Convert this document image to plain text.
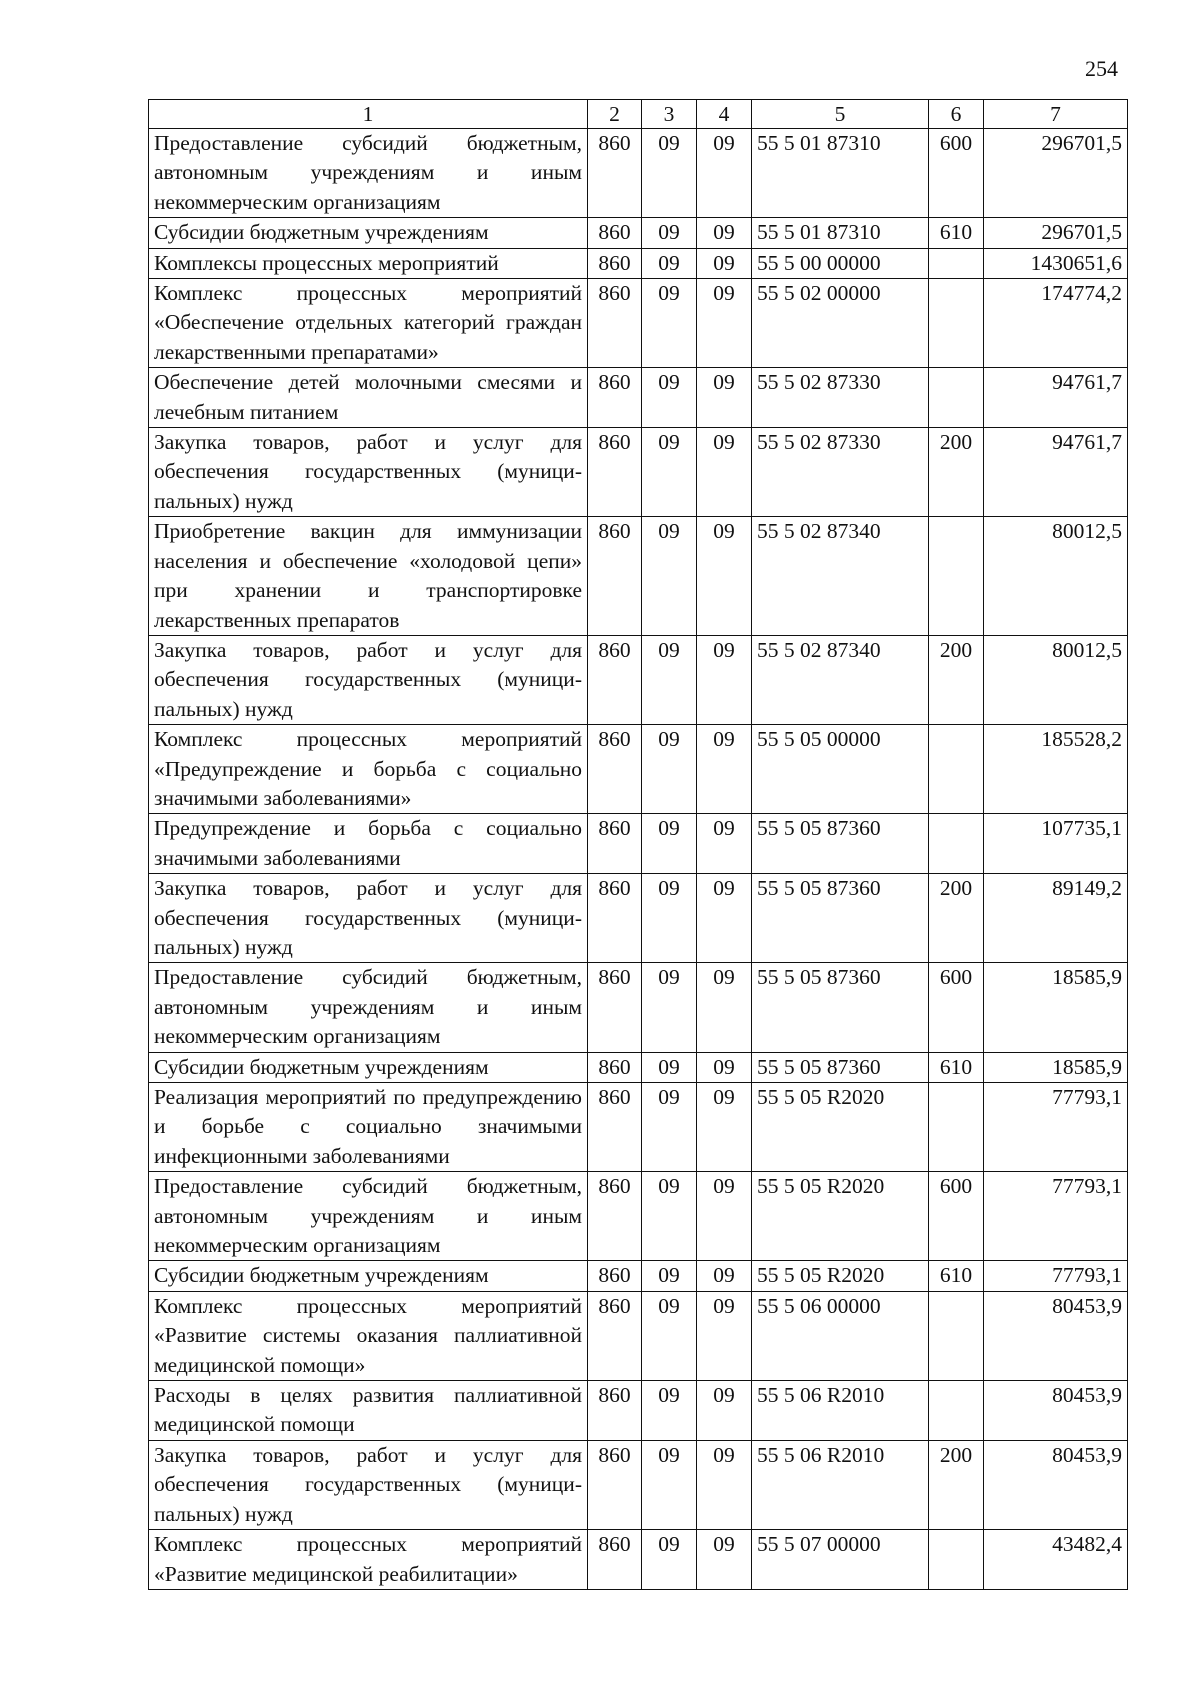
254
1	2	3	4	5	6	7
Предоставление субсидий бюджетным, автономным учреждениям и иным некоммерческим организациям	860	09	09	55 5 01 87310	600	296701,5
Субсидии бюджетным учреждениям	860	09	09	55 5 01 87310	610	296701,5
Комплексы процессных мероприятий	860	09	09	55 5 00 00000		1430651,6
Комплекс процессных мероприятий «Обеспечение отдельных категорий граждан лекарственными препаратами»	860	09	09	55 5 02 00000		174774,2
Обеспечение детей молочными смесями и лечебным питанием	860	09	09	55 5 02 87330		94761,7
Закупка товаров, работ и услуг для обеспечения государственных (муниципальных) нужд	860	09	09	55 5 02 87330	200	94761,7
Приобретение вакцин для иммунизации населения и обеспечение «холодовой цепи» при хранении и транспортировке лекарственных препаратов	860	09	09	55 5 02 87340		80012,5
Закупка товаров, работ и услуг для обеспечения государственных (муниципальных) нужд	860	09	09	55 5 02 87340	200	80012,5
Комплекс процессных мероприятий «Предупреждение и борьба с социально значимыми заболеваниями»	860	09	09	55 5 05 00000		185528,2
Предупреждение и борьба с социально значимыми заболеваниями	860	09	09	55 5 05 87360		107735,1
Закупка товаров, работ и услуг для обеспечения государственных (муниципальных) нужд	860	09	09	55 5 05 87360	200	89149,2
Предоставление субсидий бюджетным, автономным учреждениям и иным некоммерческим организациям	860	09	09	55 5 05 87360	600	18585,9
Субсидии бюджетным учреждениям	860	09	09	55 5 05 87360	610	18585,9
Реализация мероприятий по предупреждению и борьбе с социально значимыми инфекционными заболеваниями	860	09	09	55 5 05 R2020		77793,1
Предоставление субсидий бюджетным, автономным учреждениям и иным некоммерческим организациям	860	09	09	55 5 05 R2020	600	77793,1
Субсидии бюджетным учреждениям	860	09	09	55 5 05 R2020	610	77793,1
Комплекс процессных мероприятий «Развитие системы оказания паллиативной медицинской помощи»	860	09	09	55 5 06 00000		80453,9
Расходы в целях развития паллиативной медицинской помощи	860	09	09	55 5 06 R2010		80453,9
Закупка товаров, работ и услуг для обеспечения государственных (муниципальных) нужд	860	09	09	55 5 06 R2010	200	80453,9
Комплекс процессных мероприятий «Развитие медицинской реабилитации»	860	09	09	55 5 07 00000		43482,4
